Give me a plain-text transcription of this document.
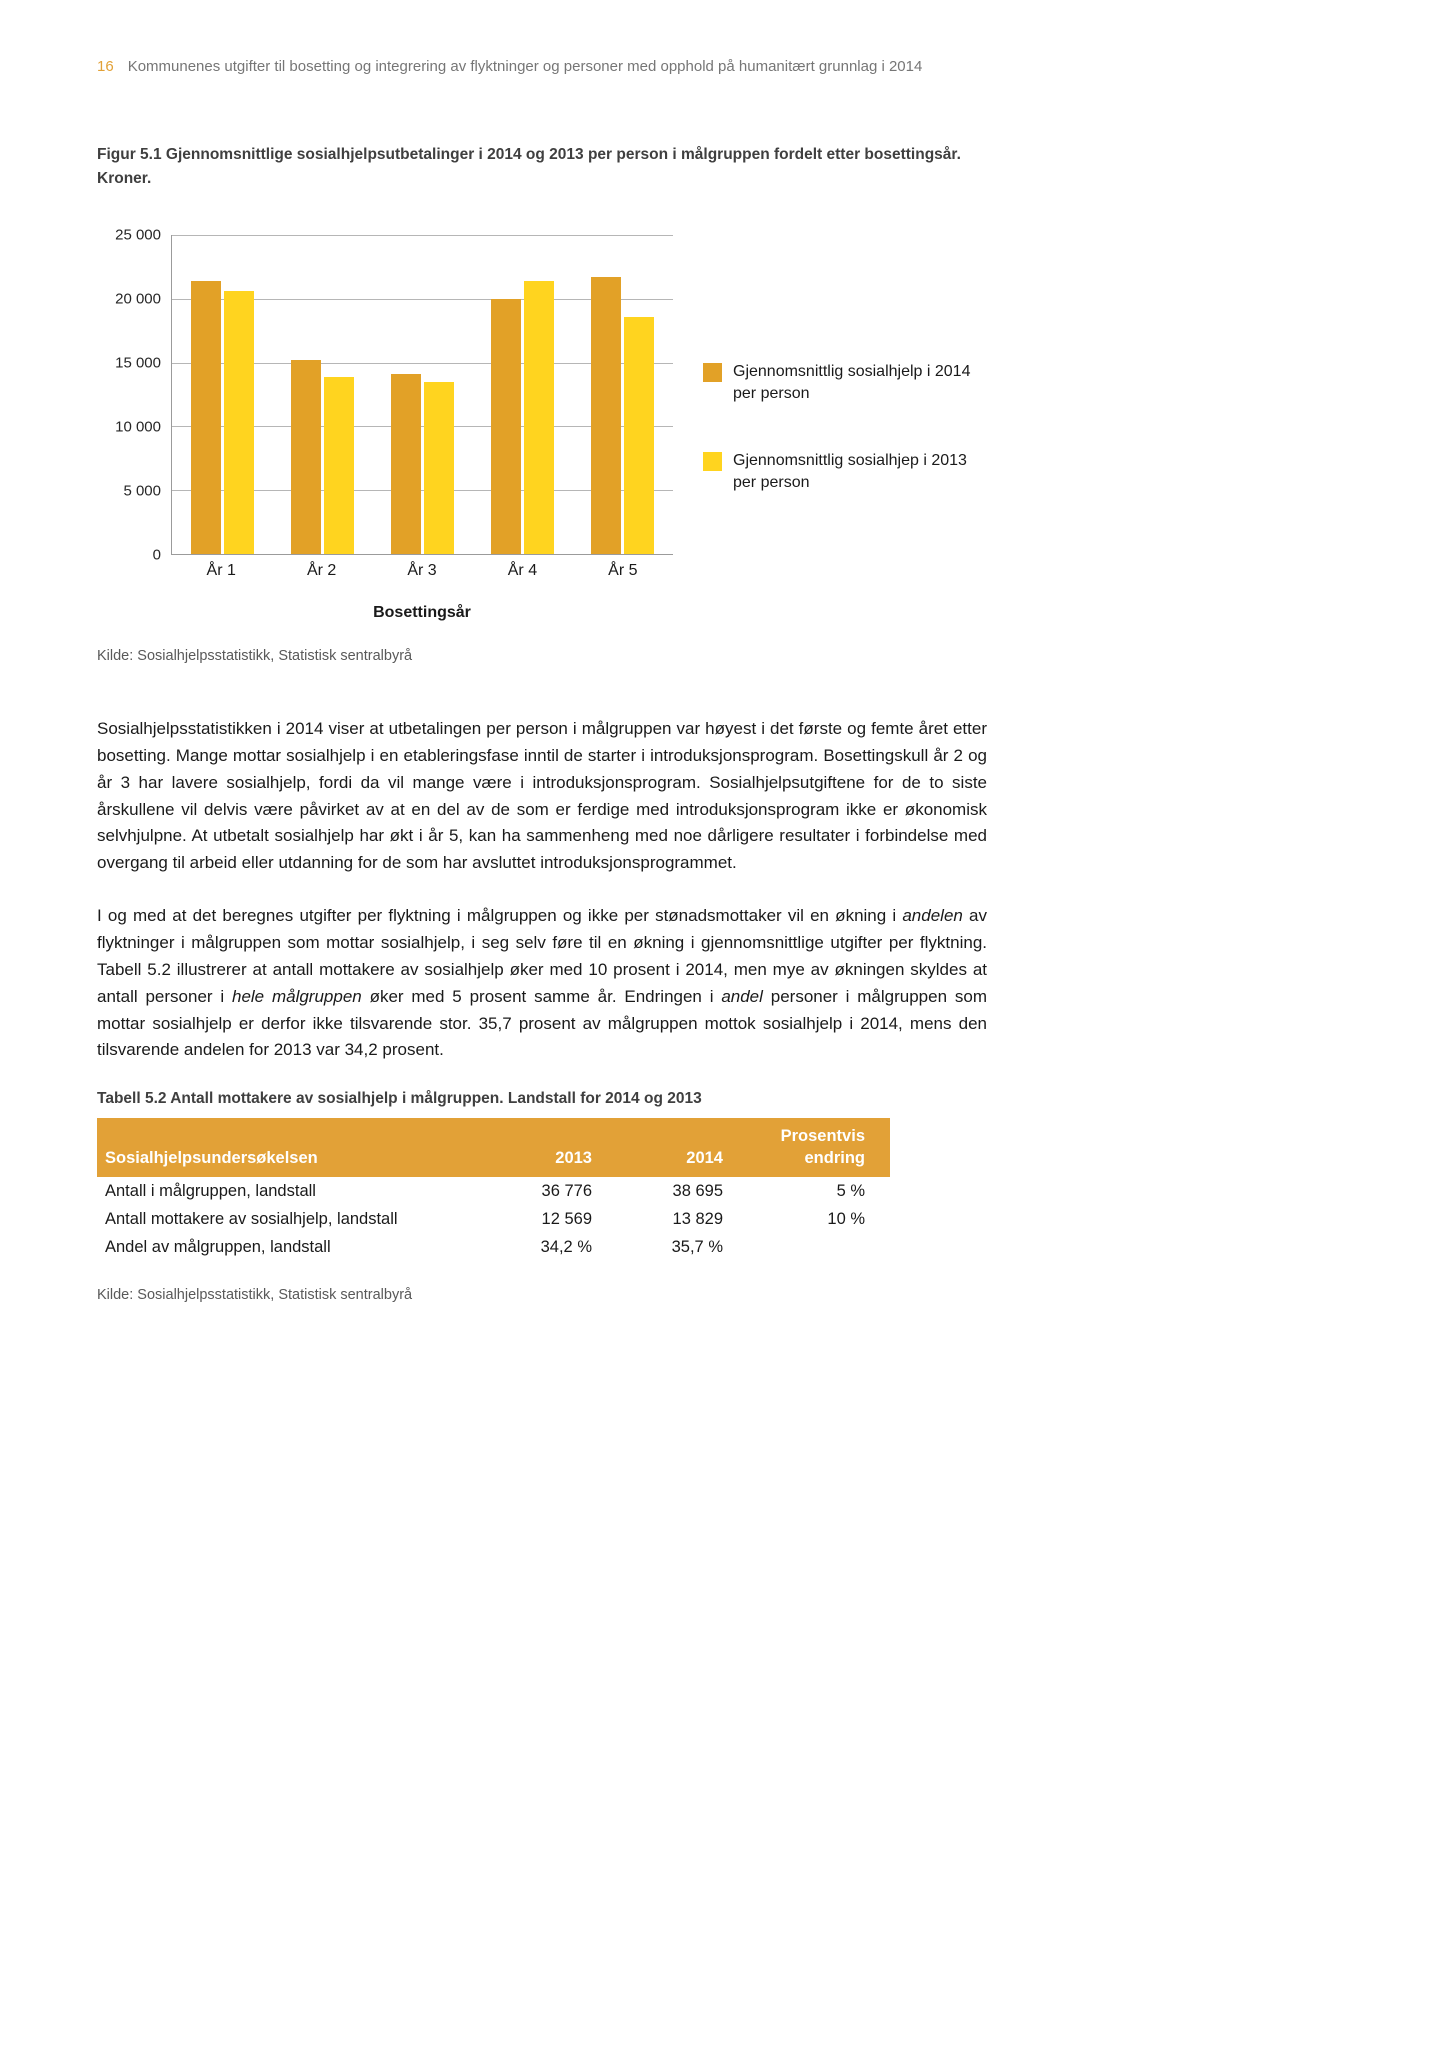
16 Kommunenes utgifter til bosetting og integrering av flyktninger og personer med opphold på humanitært grunnlag i 2014
Figur 5.1 Gjennomsnittlige sosialhjelpsutbetalinger i 2014 og 2013 per person i målgruppen fordelt etter bosettingsår. Kroner.
25 000
20 000
15 000
10 000
5 000
0
År 1	År 2	År 3	År 4	År 5
Bosettingsår
Gjennomsnittlig sosialhjelp i 2014 per person
Gjennomsnittlig sosialhjep i 2013 per person
Kilde: Sosialhjelpsstatistikk, Statistisk sentralbyrå

Sosialhjelpsstatistikken i 2014 viser at utbetalingen per person i målgruppen var høyest i det første og femte året etter bosetting. Mange mottar sosialhjelp i en etableringsfase inntil de starter i introduksjonsprogram. Bosettingskull år 2 og år 3 har lavere sosialhjelp, fordi da vil mange være i introduksjonsprogram. Sosialhjelpsutgiftene for de to siste årskullene vil delvis være påvirket av at en del av de som er ferdige med introduksjonsprogram ikke er økonomisk selvhjulpne. At utbetalt sosialhjelp har økt i år 5, kan ha sammenheng med noe dårligere resultater i forbindelse med overgang til arbeid eller utdanning for de som har avsluttet introduksjonsprogrammet.

I og med at det beregnes utgifter per flyktning i målgruppen og ikke per stønadsmottaker vil en økning i andelen av flyktninger i målgruppen som mottar sosialhjelp, i seg selv føre til en økning i gjennomsnittlige utgifter per flyktning. Tabell 5.2 illustrerer at antall mottakere av sosialhjelp øker med 10 prosent i 2014, men mye av økningen skyldes at antall personer i hele målgruppen øker med 5 prosent samme år. Endringen i andel personer i målgruppen som mottar sosialhjelp er derfor ikke tilsvarende stor. 35,7 prosent av målgruppen mottok sosialhjelp i 2014, mens den tilsvarende andelen for 2013 var 34,2 prosent.

Tabell 5.2 Antall mottakere av sosialhjelp i målgruppen. Landstall for 2014 og 2013
Sosialhjelpsundersøkelsen	2013	2014	Prosentvis endring
Antall i målgruppen, landstall	36 776	38 695	5 %
Antall mottakere av sosialhjelp, landstall	12 569	13 829	10 %
Andel av målgruppen, landstall	34,2 %	35,7 %	
Kilde: Sosialhjelpsstatistikk, Statistisk sentralbyrå
